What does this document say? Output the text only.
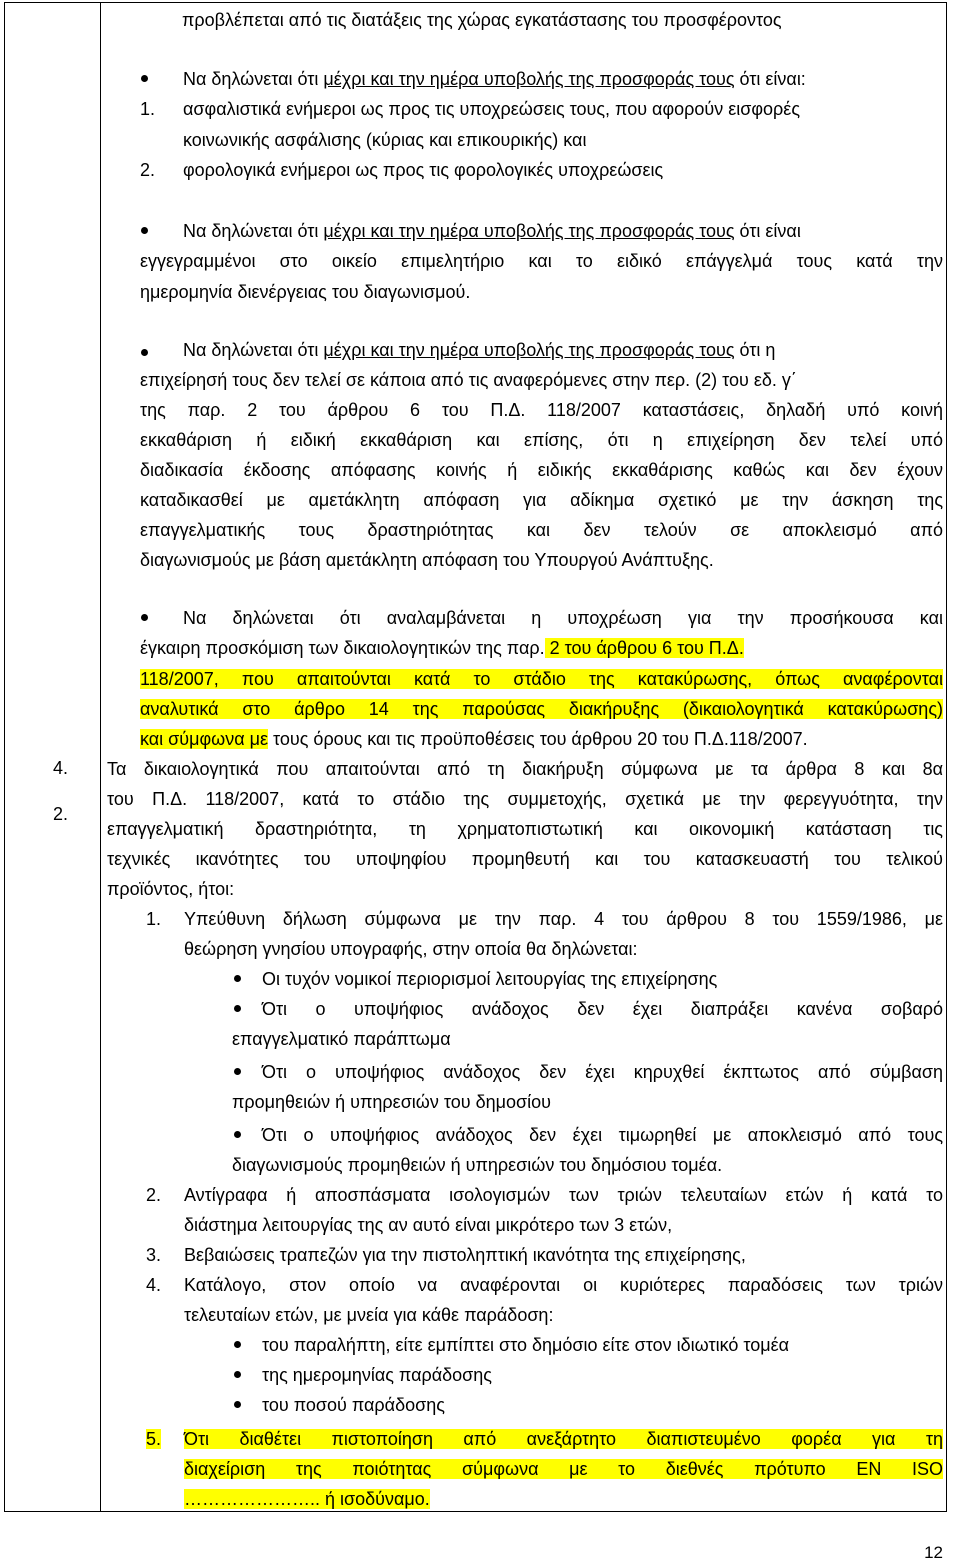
4.
2.
προβλέπεται από τις διατάξεις της χώρας εγκατάστασης του προσφέροντος
Να δηλώνεται ότι μέχρι και την ημέρα υποβολής της προσφοράς τους ότι είναι:
1. ασφαλιστικά ενήμεροι ως προς τις υποχρεώσεις τους, που αφορούν εισφορές
κοινωνικής ασφάλισης (κύριας και επικουρικής) και
2. φορολογικά ενήμεροι ως προς τις φορολογικές υποχρεώσεις
Να δηλώνεται ότι μέχρι και την ημέρα υποβολής της προσφοράς τους ότι είναι
εγγεγραμμένοι στο οικείο επιμελητήριο και το ειδικό επάγγελμά τους κατά την
ημερομηνία διενέργειας του διαγωνισμού.
Να δηλώνεται ότι μέχρι και την ημέρα υποβολής της προσφοράς τους ότι η
επιχείρησή τους δεν τελεί σε κάποια από τις αναφερόμενες στην περ. (2) του εδ. γ΄
της παρ. 2 του άρθρου 6 του Π.Δ. 118/2007 καταστάσεις, δηλαδή υπό κοινή
εκκαθάριση ή ειδική εκκαθάριση και επίσης, ότι η επιχείρηση δεν τελεί υπό
διαδικασία έκδοσης απόφασης κοινής ή ειδικής εκκαθάρισης καθώς και δεν έχουν
καταδικασθεί με αμετάκλητη απόφαση για αδίκημα σχετικό με την άσκηση της
επαγγελματικής τους δραστηριότητας και δεν τελούν σε αποκλεισμό από
διαγωνισμούς με βάση αμετάκλητη απόφαση του Υπουργού Ανάπτυξης.
Να δηλώνεται ότι αναλαμβάνεται η υποχρέωση για την προσήκουσα και
έγκαιρη προσκόμιση των δικαιολογητικών της παρ. 2 του άρθρου 6 του Π.Δ.
118/2007, που απαιτούνται κατά το στάδιο της κατακύρωσης, όπως αναφέρονται
αναλυτικά στο άρθρο 14 της παρούσας διακήρυξης (δικαιολογητικά κατακύρωσης)
και σύμφωνα με τους όρους και τις προϋποθέσεις του άρθρου 20 του Π.Δ.118/2007.
Τα δικαιολογητικά που απαιτούνται από τη διακήρυξη σύμφωνα με τα άρθρα 8 και 8α
του Π.Δ. 118/2007, κατά το στάδιο της συμμετοχής, σχετικά με την φερεγγυότητα, την
επαγγελματική δραστηριότητα, τη χρηματοπιστωτική και οικονομική κατάσταση τις
τεχνικές ικανότητες του υποψηφίου προμηθευτή και του κατασκευαστή του τελικού
προϊόντος, ήτοι:
1. Υπεύθυνη δήλωση σύμφωνα με την παρ. 4 του άρθρου 8 του 1559/1986, με
θεώρηση γνησίου υπογραφής, στην οποία θα δηλώνεται:
Οι τυχόν νομικοί περιορισμοί λειτουργίας της επιχείρησης
Ότι ο υποψήφιος ανάδοχος δεν έχει διαπράξει κανένα σοβαρό
επαγγελματικό παράπτωμα
Ότι ο υποψήφιος ανάδοχος δεν έχει κηρυχθεί έκπτωτος από σύμβαση
προμηθειών ή υπηρεσιών του δημοσίου
Ότι ο υποψήφιος ανάδοχος δεν έχει τιμωρηθεί με αποκλεισμό από τους
διαγωνισμούς προμηθειών ή υπηρεσιών του δημόσιου τομέα.
2. Αντίγραφα ή αποσπάσματα ισολογισμών των τριών τελευταίων ετών ή κατά το
διάστημα λειτουργίας της αν αυτό είναι μικρότερο των 3 ετών,
3. Βεβαιώσεις τραπεζών για την πιστοληπτική ικανότητα της επιχείρησης,
4. Κατάλογο, στον οποίο να αναφέρονται οι κυριότερες παραδόσεις των τριών
τελευταίων ετών, με μνεία για κάθε παράδοση:
του παραλήπτη, είτε εμπίπτει στο δημόσιο είτε στον ιδιωτικό τομέα
της ημερομηνίας παράδοσης
του ποσού παράδοσης
5. Ότι διαθέτει πιστοποίηση από ανεξάρτητο διαπιστευμένο φορέα για τη
διαχείριση της ποιότητας σύμφωνα με το διεθνές πρότυπο EN ISO
………………….. ή ισοδύναμο.
12
